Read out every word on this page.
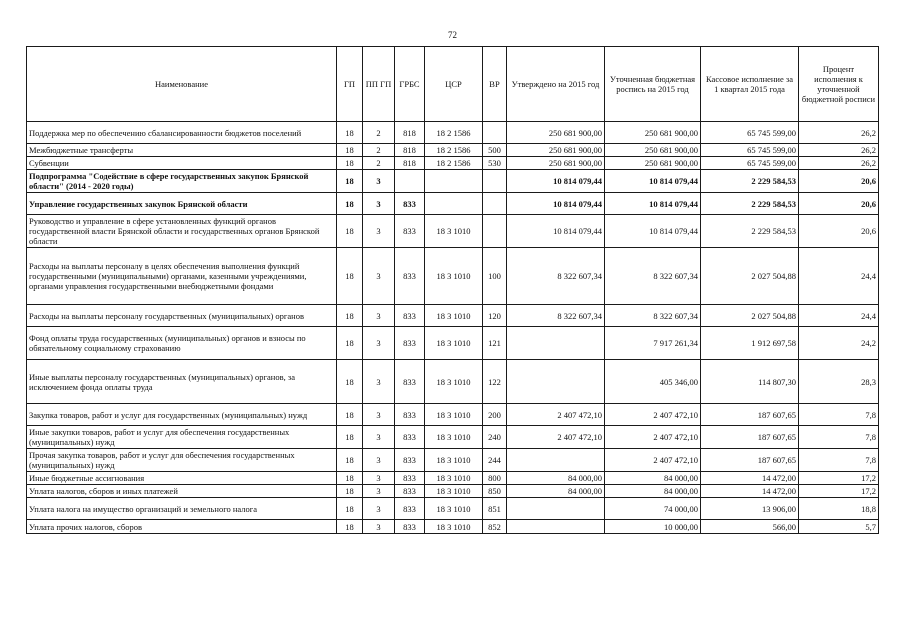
72
Наименование	ГП	ПП ГП	ГРБС	ЦСР	ВР	Утверждено на 2015 год	Уточненная бюджетная роспись на 2015 год	Кассовое исполнение за 1 квартал 2015 года	Процент исполнения к уточненной бюджетной росписи
Поддержка мер по обеспечению сбалансированности бюджетов поселений	18	2	818	18 2 1586		250 681 900,00	250 681 900,00	65 745 599,00	26,2
Межбюджетные трансферты	18	2	818	18 2 1586	500	250 681 900,00	250 681 900,00	65 745 599,00	26,2
Субвенции	18	2	818	18 2 1586	530	250 681 900,00	250 681 900,00	65 745 599,00	26,2
Подпрограмма "Содействие в сфере государственных закупок Брянской области" (2014 - 2020 годы)	18	3				10 814 079,44	10 814 079,44	2 229 584,53	20,6
Управление государственных закупок Брянской области	18	3	833			10 814 079,44	10 814 079,44	2 229 584,53	20,6
Руководство и управление в сфере установленных функций органов государственной власти Брянской области и государственных органов Брянской области	18	3	833	18 3 1010		10 814 079,44	10 814 079,44	2 229 584,53	20,6
Расходы на выплаты персоналу в целях обеспечения выполнения функций государственными (муниципальными) органами, казенными учреждениями, органами управления государственными внебюджетными фондами	18	3	833	18 3 1010	100	8 322 607,34	8 322 607,34	2 027 504,88	24,4
Расходы на выплаты персоналу государственных (муниципальных) органов	18	3	833	18 3 1010	120	8 322 607,34	8 322 607,34	2 027 504,88	24,4
Фонд оплаты труда государственных (муниципальных) органов и взносы по обязательному социальному страхованию	18	3	833	18 3 1010	121		7 917 261,34	1 912 697,58	24,2
Иные выплаты персоналу государственных (муниципальных) органов, за исключением фонда оплаты труда	18	3	833	18 3 1010	122		405 346,00	114 807,30	28,3
Закупка товаров, работ и услуг для государственных (муниципальных) нужд	18	3	833	18 3 1010	200	2 407 472,10	2 407 472,10	187 607,65	7,8
Иные закупки товаров, работ и услуг для обеспечения государственных (муниципальных) нужд	18	3	833	18 3 1010	240	2 407 472,10	2 407 472,10	187 607,65	7,8
Прочая закупка товаров, работ и услуг для обеспечения государственных (муниципальных) нужд	18	3	833	18 3 1010	244		2 407 472,10	187 607,65	7,8
Иные бюджетные ассигнования	18	3	833	18 3 1010	800	84 000,00	84 000,00	14 472,00	17,2
Уплата налогов, сборов и иных платежей	18	3	833	18 3 1010	850	84 000,00	84 000,00	14 472,00	17,2
Уплата налога на имущество организаций и земельного налога	18	3	833	18 3 1010	851		74 000,00	13 906,00	18,8
Уплата прочих налогов, сборов	18	3	833	18 3 1010	852		10 000,00	566,00	5,7
